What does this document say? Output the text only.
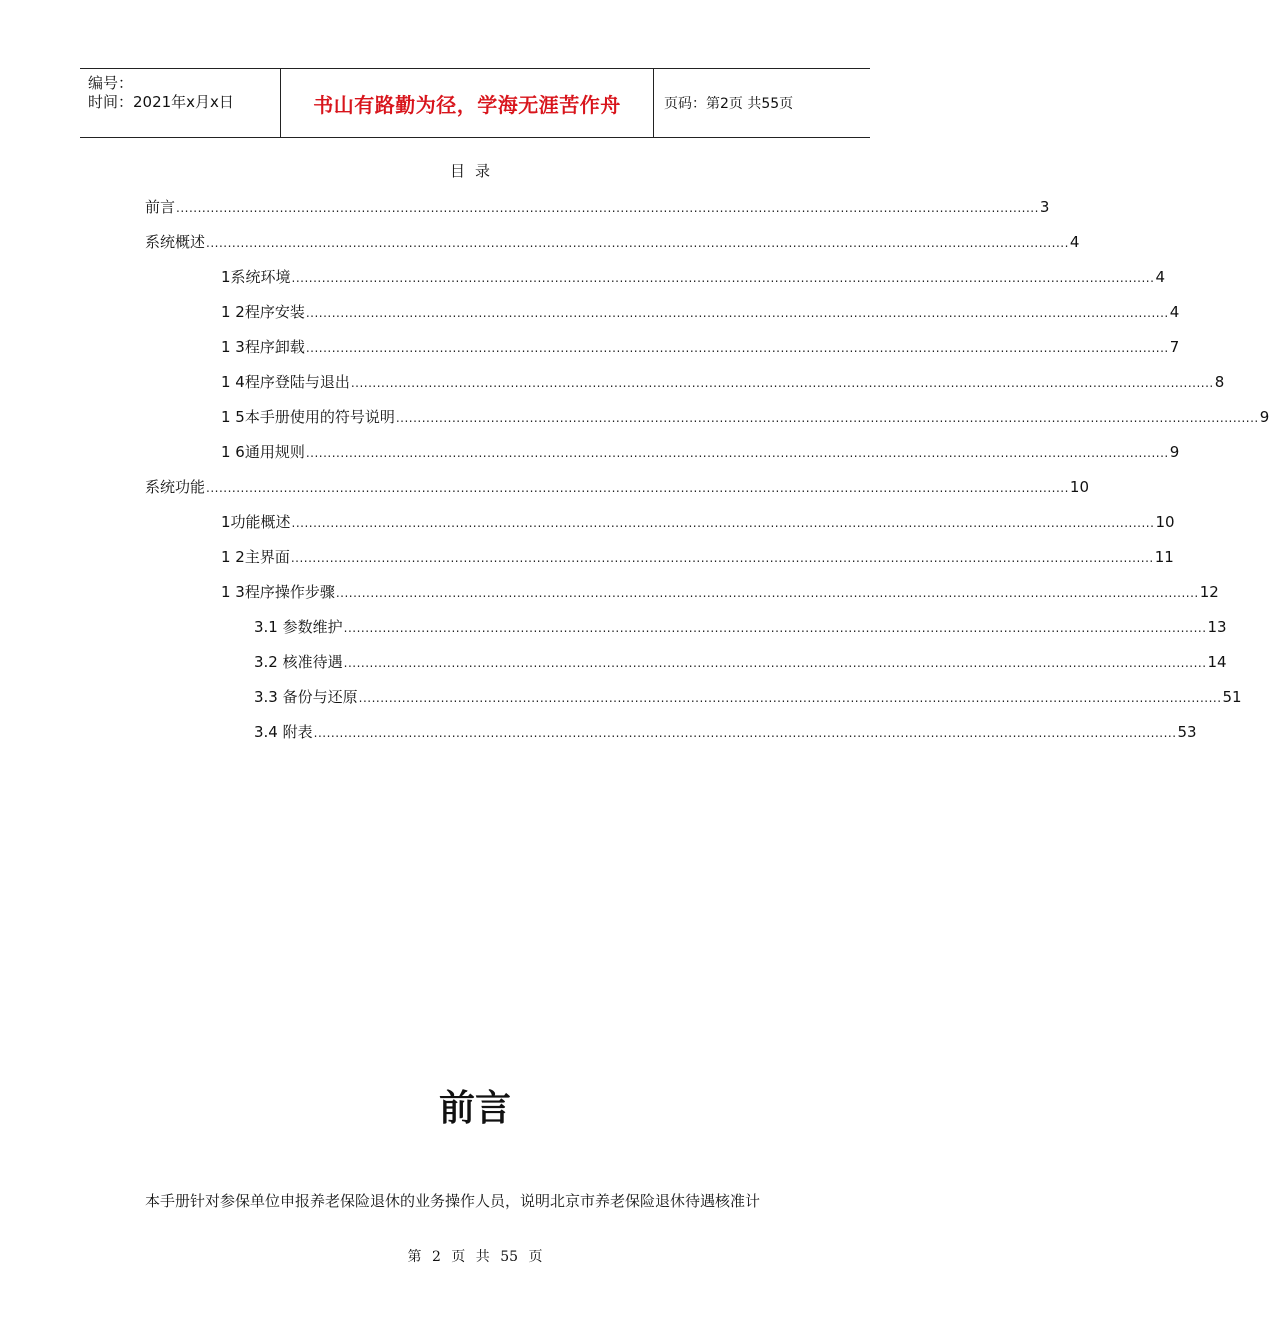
编号：
时间：2021年x月x日	书山有路勤为径，学海无涯苦作舟	页码：第2页 共55页
目录
前言 ........................................................................................................................................................................................................ 3
系统概述 ........................................................................................................................................................................................................ 4
1系统环境 ........................................................................................................................................................................................................ 4
1 2程序安装 ........................................................................................................................................................................................................ 4
1 3程序卸载 ........................................................................................................................................................................................................ 7
1 4程序登陆与退出 ........................................................................................................................................................................................................ 8
1 5本手册使用的符号说明 ........................................................................................................................................................................................................ 9
1 6通用规则 ........................................................................................................................................................................................................ 9
系统功能 ........................................................................................................................................................................................................ 10
1功能概述 ........................................................................................................................................................................................................ 10
1 2主界面 ........................................................................................................................................................................................................ 11
1 3程序操作步骤 ........................................................................................................................................................................................................ 12
3.1 参数维护 ........................................................................................................................................................................................................ 13
3.2 核准待遇 ........................................................................................................................................................................................................ 14
3.3 备份与还原 ........................................................................................................................................................................................................ 51
3.4 附表 ........................................................................................................................................................................................................ 53
前言
本手册针对参保单位申报养老保险退休的业务操作人员，说明北京市养老保险退休待遇核准计
第 2 页 共 55 页
